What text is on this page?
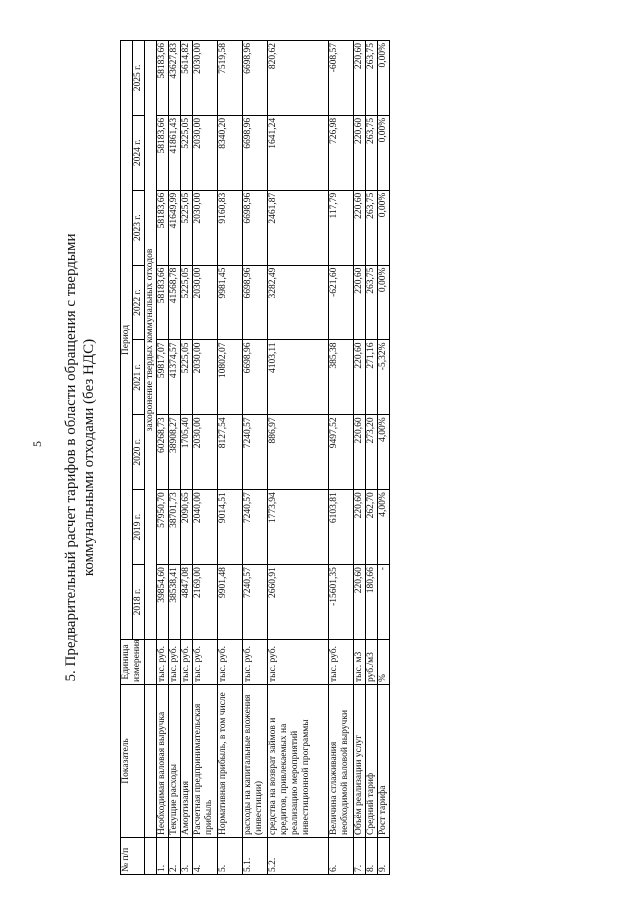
5 5. Предварительный расчет тарифов в области обращения с твердыми коммунальными отходами (без НДС)
№ п/п	Показатель	Единица измерения	Период							
			2018 г.	2019 г.	2020 г.	2021 г.	2022 г.	2023 г.	2024 г.	2025 г.
			захоронение твердых коммунальных отходов							
1.	Необходимая валовая выручка	тыс. руб.	39854,60	57950,70	60268,73	59817,07	58183,66	58183,66	58183,66	58183,66
2.	Текущие расходы	тыс. руб.	38538,41	38701,73	38908,27	41374,57	41568,78	41649,99	41861,43	43627,83
3.	Амортизация	тыс. руб.	4847,08	2090,65	1705,40	5225,05	5225,05	5225,05	5225,05	5614,82
4.	Расчетная предпринимательская прибыль	тыс. руб.	2169,00	2040,00	2030,00	2030,00	2030,00	2030,00	2030,00	2030,00
5.	Нормативная прибыль, в том числе	тыс. руб.	9901,48	9014,51	8127,54	10802,07	9981,45	9160,83	8340,20	7519,58
5.1.	расходы на капитальные вложения (инвестиции)	тыс. руб.	7240,57	7240,57	7240,57	6698,96	6698,96	6698,96	6698,96	6698,96
5.2.	средства на возврат займов и кредитов, привлекаемых на реализацию мероприятий инвестиционной программы	тыс. руб.	2660,91	1773,94	886,97	4103,11	3282,49	2461,87	1641,24	820,62
6.	Величина сглаживания необходимой валовой выручки	тыс. руб.	-15601,35	6103,81	9497,52	385,38	-621,60	117,79	726,98	-608,57
7.	Объём реализации услуг	тыс. м3	220,60	220,60	220,60	220,60	220,60	220,60	220,60	220,60
8.	Средний тариф	руб./м3	180,66	262,70	273,20	271,16	263,75	263,75	263,75	263,75
9.	Рост тарифа	%	-	4,00%	4,00%	-5,32%	0,00%	0,00%	0,00%	0,00%
